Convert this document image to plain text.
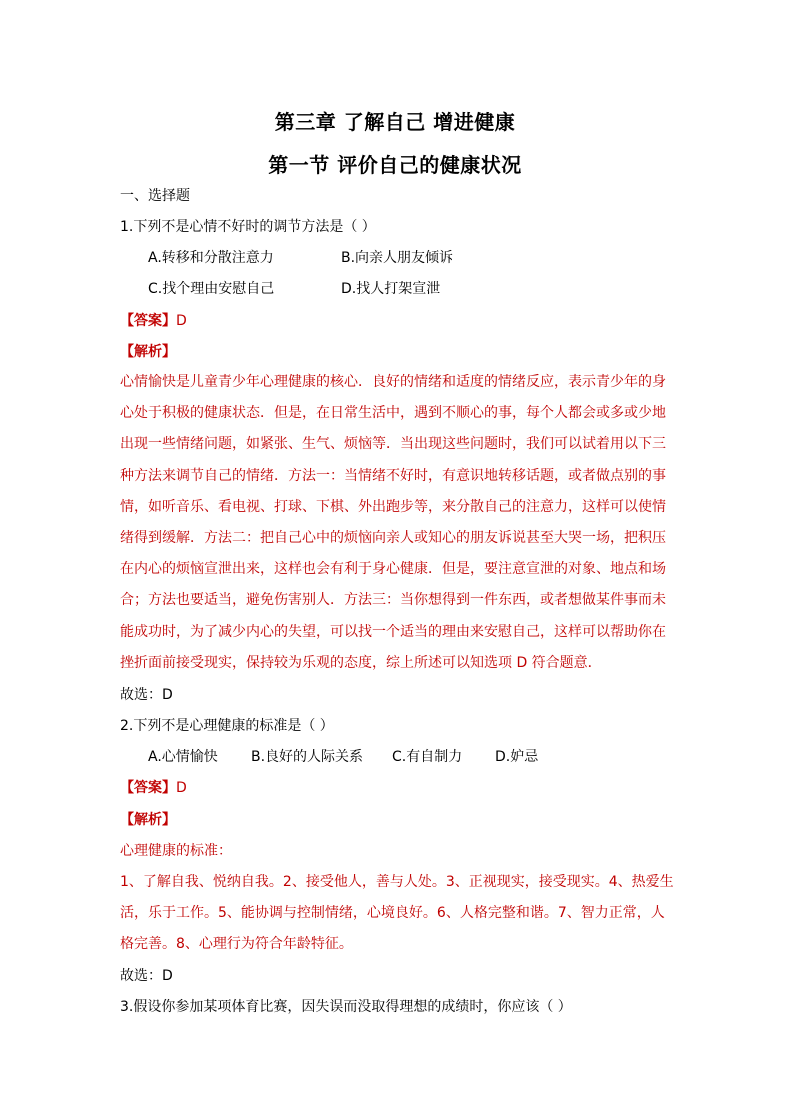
第三章 了解自己 增进健康
第一节 评价自己的健康状况
一、选择题
1.下列不是心情不好时的调节方法是（ ）
A.转移和分散注意力	B.向亲人朋友倾诉
C.找个理由安慰自己	D.找人打架宣泄
【答案】D
【解析】
心情愉快是儿童青少年心理健康的核心．良好的情绪和适度的情绪反应，表示青少年的身
心处于积极的健康状态．但是，在日常生活中，遇到不顺心的事，每个人都会或多或少地
出现一些情绪问题，如紧张、生气、烦恼等．当出现这些问题时，我们可以试着用以下三
种方法来调节自己的情绪．方法一：当情绪不好时，有意识地转移话题，或者做点别的事
情，如听音乐、看电视、打球、下棋、外出跑步等，来分散自己的注意力，这样可以使情
绪得到缓解．方法二：把自己心中的烦恼向亲人或知心的朋友诉说甚至大哭一场，把积压
在内心的烦恼宣泄出来，这样也会有利于身心健康．但是，要注意宣泄的对象、地点和场
合；方法也要适当，避免伤害别人．方法三：当你想得到一件东西，或者想做某件事而未
能成功时，为了减少内心的失望，可以找一个适当的理由来安慰自己，这样可以帮助你在
挫折面前接受现实，保持较为乐观的态度，综上所述可以知选项 D 符合题意．
故选：D
2.下列不是心理健康的标准是（ ）
A.心情愉快 B.良好的人际关系 C.有自制力 D.妒忌
【答案】D
【解析】
心理健康的标准：
1、了解自我、悦纳自我。2、接受他人，善与人处。3、正视现实，接受现实。4、热爱生
活，乐于工作。5、能协调与控制情绪，心境良好。6、人格完整和谐。7、智力正常，人
格完善。8、心理行为符合年龄特征。
故选：D
3.假设你参加某项体育比赛，因失误而没取得理想的成绩时，你应该（ ）
